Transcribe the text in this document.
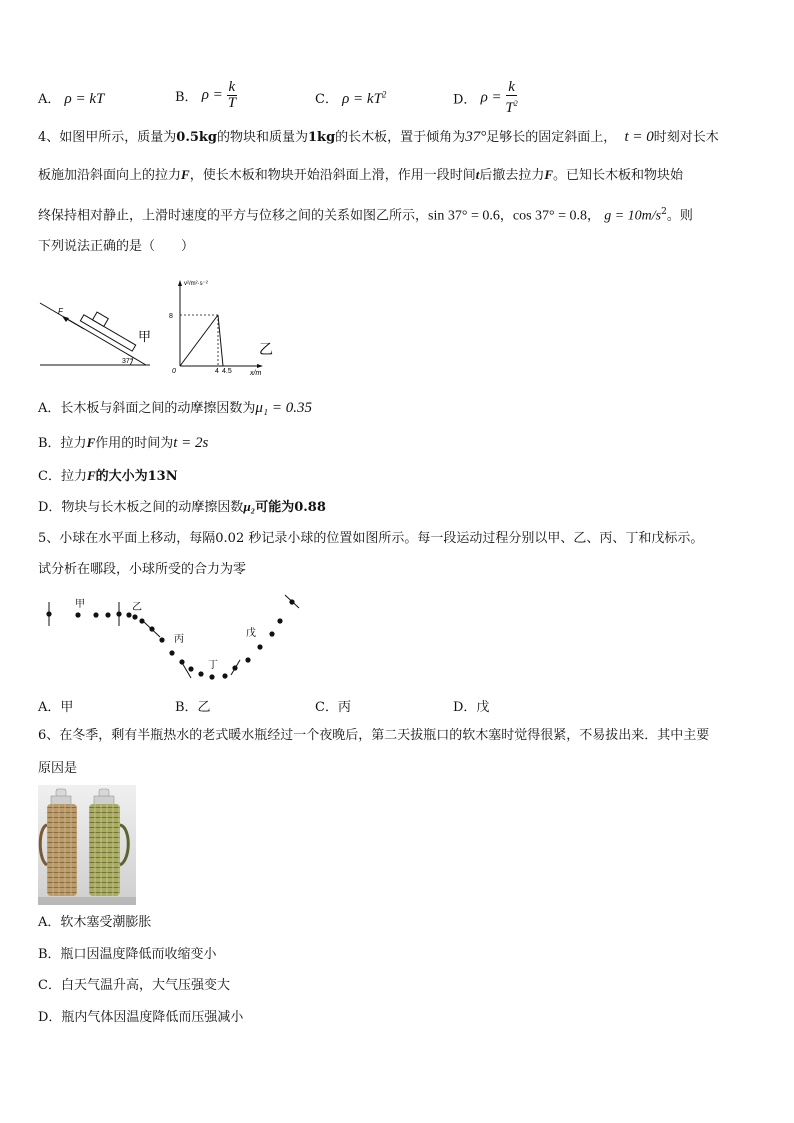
A． ρ = kT	B． $\rho = \frac{k}{T}$	C． $\rho = kT^2$	D． $\rho = \frac{k}{T^2}$
4、如图甲所示，质量为0.5kg的物块和质量为1kg的长木板，置于倾角为37°足够长的固定斜面上， t = 0时刻对长木
板施加沿斜面向上的拉力F，使长木板和物块开始沿斜面上滑，作用一段时间t后撤去拉力F。已知长木板和物块始
终保持相对静止，上滑时速度的平方与位移之间的关系如图乙所示，sin 37° = 0.6，cos 37° = 0.8， $g = 10m/s^2$。则
下列说法正确的是（　　）
F
37°
甲
v²/m²·s⁻²
x/m
8
0	4 4.5
乙
A．长木板与斜面之间的动摩擦因数为μ₁ = 0.35
B．拉力F作用的时间为t = 2s
C．拉力F的大小为13N
D．物块与长木板之间的动摩擦因数μ₂可能为0.88
5、小球在水平面上移动，每隔0.02 秒记录小球的位置如图所示。每一段运动过程分别以甲、乙、丙、丁和戊标示。
试分析在哪段，小球所受的合力为零
甲	乙
丙
丁
戊
A．甲	B．乙	C．丙	D．戊
6、在冬季，剩有半瓶热水的老式暖水瓶经过一个夜晚后，第二天拔瓶口的软木塞时觉得很紧，不易拔出来．其中主要
原因是
A．软木塞受潮膨胀
B．瓶口因温度降低而收缩变小
C．白天气温升高，大气压强变大
D．瓶内气体因温度降低而压强减小
